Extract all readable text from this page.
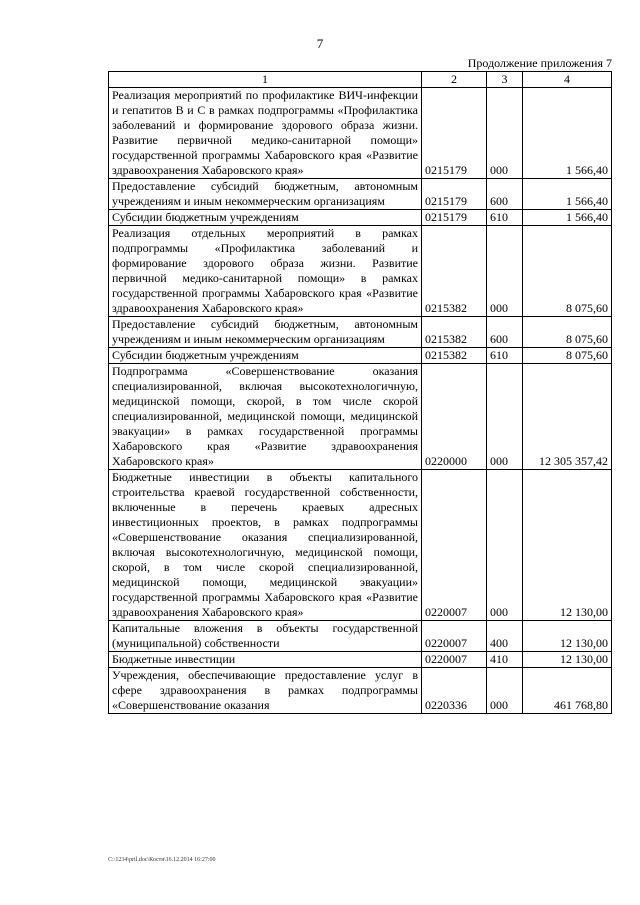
7
Продолжение приложения 7
1	2	3	4
Реализация мероприятий по профилактике ВИЧ-инфекции и гепатитов В и С в рамках подпрограммы «Профилактика заболеваний и формирование здорового образа жизни. Развитие первичной медико-санитарной помощи» государственной программы Хабаровского края «Развитие здравоохранения Хабаровского края»	0215179	000	1 566,40
Предоставление субсидий бюджетным, автономным учреждениям и иным некоммерческим организациям	0215179	600	1 566,40
Субсидии бюджетным учреждениям	0215179	610	1 566,40
Реализация отдельных мероприятий в рамках подпрограммы «Профилактика заболеваний и формирование здорового образа жизни. Развитие первичной медико-санитарной помощи» в рамках государственной программы Хабаровского края «Развитие здравоохранения Хабаровского края»	0215382	000	8 075,60
Предоставление субсидий бюджетным, автономным учреждениям и иным некоммерческим организациям	0215382	600	8 075,60
Субсидии бюджетным учреждениям	0215382	610	8 075,60
Подпрограмма «Совершенствование оказания специализированной, включая высокотехнологичную, медицинской помощи, скорой, в том числе скорой специализированной, медицинской помощи, медицинской эвакуации» в рамках государственной программы Хабаровского края «Развитие здравоохранения Хабаровского края»	0220000	000	12 305 357,42
Бюджетные инвестиции в объекты капитального строительства краевой государственной собственности, включенные в перечень краевых адресных инвестиционных проектов, в рамках подпрограммы «Совершенствование оказания специализированной, включая высокотехнологичную, медицинской помощи, скорой, в том числе скорой специализированной, медицинской помощи, медицинской эвакуации» государственной программы Хабаровского края «Развитие здравоохранения Хабаровского края»	0220007	000	12 130,00
Капитальные вложения в объекты государственной (муниципальной) собственности	0220007	400	12 130,00
Бюджетные инвестиции	0220007	410	12 130,00
Учреждения, обеспечивающие предоставление услуг в сфере здравоохранения в рамках подпрограммы «Совершенствование оказания	0220336	000	461 768,80
C:\1234\pril.doc\Костя\16.12.2014 16:27:00
